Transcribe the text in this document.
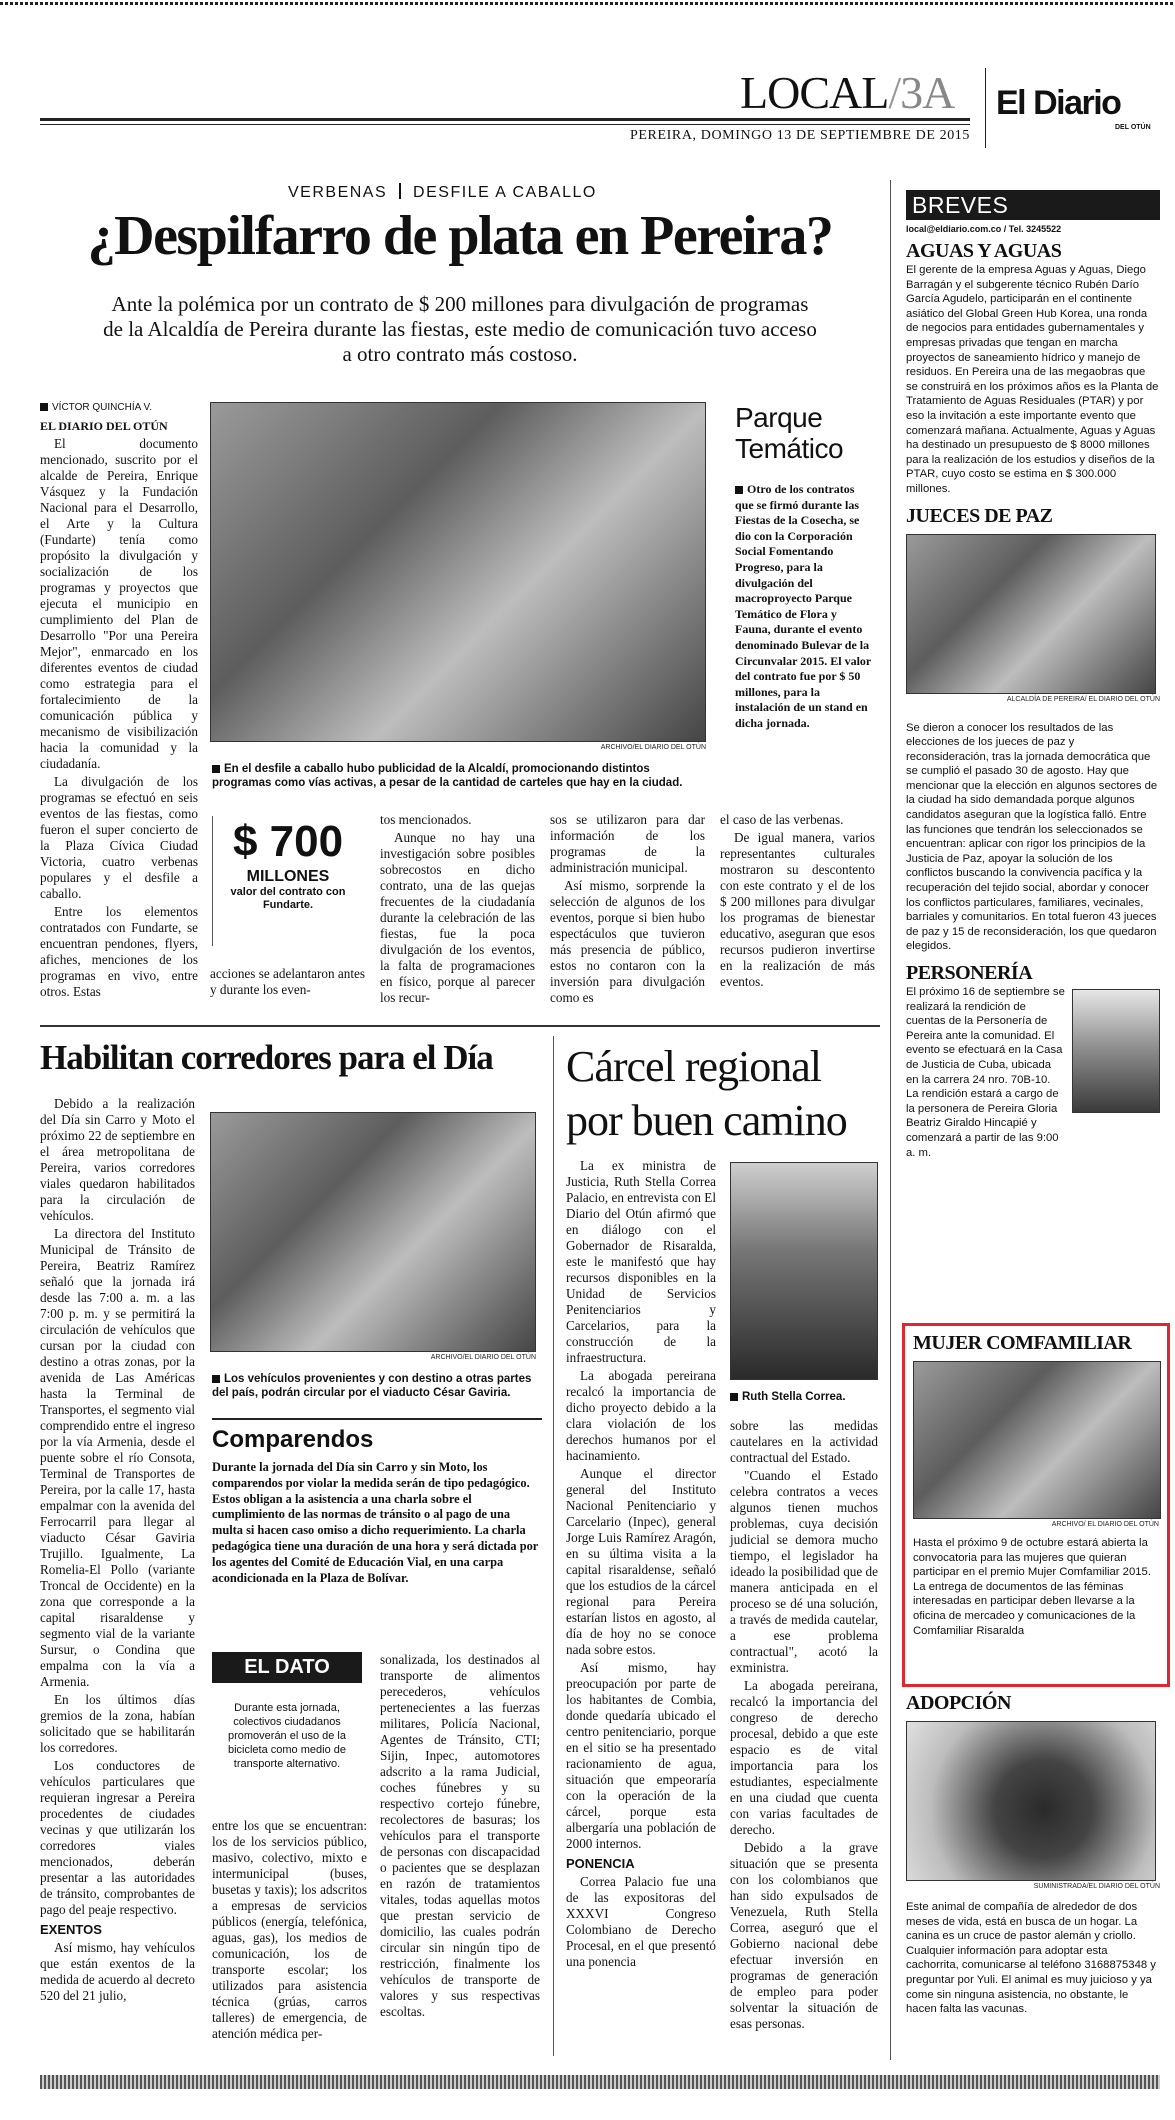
LOCAL/3A
PEREIRA, DOMINGO 13 DE SEPTIEMBRE DE 2015
El Diario
DEL OTÚN
VERBENAS DESFILE A CABALLO
¿Despilfarro de plata en Pereira?
Ante la polémica por un contrato de $ 200 millones para divulgación de programas de la Alcaldía de Pereira durante las fiestas, este medio de comunicación tuvo acceso a otro contrato más costoso.

VÍCTOR QUINCHÍA V.

EL DIARIO DEL OTÚN

El documento mencionado, suscrito por el alcalde de Pereira, Enrique Vásquez y la Fundación Nacional para el Desarrollo, el Arte y la Cultura (Fundarte) tenía como propósito la divulgación y socialización de los programas y proyectos que ejecuta el municipio en cumplimiento del Plan de Desarrollo "Por una Pereira Mejor", enmarcado en los diferentes eventos de ciudad como estrategia para el fortalecimiento de la comunicación pública y mecanismo de visibilización hacia la comunidad y la ciudadanía.

La divulgación de los programas se efectuó en seis eventos de las fiestas, como fueron el super concierto de la Plaza Cívica Ciudad Victoria, cuatro verbenas populares y el desfile a caballo.

Entre los elementos contratados con Fundarte, se encuentran pendones, flyers, afiches, menciones de los programas en vivo, entre otros. Estas

ARCHIVO/EL DIARIO DEL OTÚN
En el desfile a caballo hubo publicidad de la Alcaldí, promocionando distintos programas como vías activas, a pesar de la cantidad de carteles que hay en la ciudad.
Parque Temático
Otro de los contratos que se firmó durante las Fiestas de la Cosecha, se dio con la Corporación Social Fomentando Progreso, para la divulgación del macroproyecto Parque Temático de Flora y Fauna, durante el evento denominado Bulevar de la Circunvalar 2015. El valor del contrato fue por $ 50 millones, para la instalación de un stand en dicha jornada.
$ 700
MILLONES
valor del contrato con Fundarte.

acciones se adelantaron antes y durante los even-

tos mencionados.

Aunque no hay una investigación sobre posibles sobrecostos en dicho contrato, una de las quejas frecuentes de la ciudadanía durante la celebración de las fiestas, fue la poca divulgación de los eventos, la falta de programaciones en físico, porque al parecer los recur-

sos se utilizaron para dar información de los programas de la administración municipal.

Así mismo, sorprende la selección de algunos de los eventos, porque si bien hubo espectáculos que tuvieron más presencia de público, estos no contaron con la inversión para divulgación como es

el caso de las verbenas.

De igual manera, varios representantes culturales mostraron su descontento con este contrato y el de los $ 200 millones para divulgar los programas de bienestar educativo, aseguran que esos recursos pudieron invertirse en la realización de más eventos.

Habilitan corredores para el Día

Debido a la realización del Día sin Carro y Moto el próximo 22 de septiembre en el área metropolitana de Pereira, varios corredores viales quedaron habilitados para la circulación de vehículos.

La directora del Instituto Municipal de Tránsito de Pereira, Beatriz Ramírez señaló que la jornada irá desde las 7:00 a. m. a las 7:00 p. m. y se permitirá la circulación de vehículos que cursan por la ciudad con destino a otras zonas, por la avenida de Las Américas hasta la Terminal de Transportes, el segmento vial comprendido entre el ingreso por la vía Armenia, desde el puente sobre el río Consota, Terminal de Transportes de Pereira, por la calle 17, hasta empalmar con la avenida del Ferrocarril para llegar al viaducto César Gaviria Trujillo. Igualmente, La Romelia-El Pollo (variante Troncal de Occidente) en la zona que corresponde a la capital risaraldense y segmento vial de la variante Sursur, o Condina que empalma con la vía a Armenia.

En los últimos días gremios de la zona, habían solicitado que se habilitarán los corredores.

Los conductores de vehículos particulares que requieran ingresar a Pereira procedentes de ciudades vecinas y que utilizarán los corredores viales mencionados, deberán presentar a las autoridades de tránsito, comprobantes de pago del peaje respectivo.

EXENTOS

Así mismo, hay vehículos que están exentos de la medida de acuerdo al decreto 520 del 21 julio,

ARCHIVO/EL DIARIO DEL OTÚN
Los vehículos provenientes y con destino a otras partes del país, podrán circular por el viaducto César Gaviria.
Comparendos
Durante la jornada del Día sin Carro y sin Moto, los comparendos por violar la medida serán de tipo pedagógico. Estos obligan a la asistencia a una charla sobre el cumplimiento de las normas de tránsito o al pago de una multa si hacen caso omiso a dicho requerimiento. La charla pedagógica tiene una duración de una hora y será dictada por los agentes del Comité de Educación Vial, en una carpa acondicionada en la Plaza de Bolívar.
EL DATO
Durante esta jornada, colectivos ciudadanos promoverán el uso de la bicicleta como medio de transporte alternativo.

entre los que se encuentran: los de los servicios público, masivo, colectivo, mixto e intermunicipal (buses, busetas y taxis); los adscritos a empresas de servicios públicos (energía, telefónica, aguas, gas), los medios de comunicación, los de transporte escolar; los utilizados para asistencia técnica (grúas, carros talleres) de emergencia, de atención médica per-

sonalizada, los destinados al transporte de alimentos perecederos, vehículos pertenecientes a las fuerzas militares, Policía Nacional, Agentes de Tránsito, CTI; Sijin, Inpec, automotores adscrito a la rama Judicial, coches fúnebres y su respectivo cortejo fúnebre, recolectores de basuras; los vehículos para el transporte de personas con discapacidad o pacientes que se desplazan en razón de tratamientos vitales, todas aquellas motos que prestan servicio de domicilio, las cuales podrán circular sin ningún tipo de restricción, finalmente los vehículos de transporte de valores y sus respectivas escoltas.

Cárcel regional por buen camino

La ex ministra de Justicia, Ruth Stella Correa Palacio, en entrevista con El Diario del Otún afirmó que en diálogo con el Gobernador de Risaralda, este le manifestó que hay recursos disponibles en la Unidad de Servicios Penitenciarios y Carcelarios, para la construcción de la infraestructura.

La abogada pereirana recalcó la importancia de dicho proyecto debido a la clara violación de los derechos humanos por el hacinamiento.

Aunque el director general del Instituto Nacional Penitenciario y Carcelario (Inpec), general Jorge Luis Ramírez Aragón, en su última visita a la capital risaraldense, señaló que los estudios de la cárcel regional para Pereira estarían listos en agosto, al día de hoy no se conoce nada sobre estos.

Así mismo, hay preocupación por parte de los habitantes de Combia, donde quedaría ubicado el centro penitenciario, porque en el sitio se ha presentado racionamiento de agua, situación que empeoraría con la operación de la cárcel, porque esta albergaría una población de 2000 internos.

PONENCIA

Correa Palacio fue una de las expositoras del XXXVI Congreso Colombiano de Derecho Procesal, en el que presentó una ponencia

Ruth Stella Correa.

sobre las medidas cautelares en la actividad contractual del Estado.

"Cuando el Estado celebra contratos a veces algunos tienen muchos problemas, cuya decisión judicial se demora mucho tiempo, el legislador ha ideado la posibilidad que de manera anticipada en el proceso se dé una solución, a través de medida cautelar, a ese problema contractual", acotó la exministra.

La abogada pereirana, recalcó la importancia del congreso de derecho procesal, debido a que este espacio es de vital importancia para los estudiantes, especialmente en una ciudad que cuenta con varias facultades de derecho.

Debido a la grave situación que se presenta con los colombianos que han sido expulsados de Venezuela, Ruth Stella Correa, aseguró que el Gobierno nacional debe efectuar inversión en programas de generación de empleo para poder solventar la situación de esas personas.

BREVES
local@eldiario.com.co / Tel. 3245522
AGUAS Y AGUAS

El gerente de la empresa Aguas y Aguas, Diego Barragán y el subgerente técnico Rubén Darío García Agudelo, participarán en el continente asiático del Global Green Hub Korea, una ronda de negocios para entidades gubernamentales y empresas privadas que tengan en marcha proyectos de saneamiento hídrico y manejo de residuos. En Pereira una de las megaobras que se construirá en los próximos años es la Planta de Tratamiento de Aguas Residuales (PTAR) y por eso la invitación a este importante evento que comenzará mañana. Actualmente, Aguas y Aguas ha destinado un presupuesto de $ 8000 millones para la realización de los estudios y diseños de la PTAR, cuyo costo se estima en $ 300.000 millones.

JUECES DE PAZ
ALCALDÍA DE PEREIRA/ EL DIARIO DEL OTÚN

Se dieron a conocer los resultados de las elecciones de los jueces de paz y reconsideración, tras la jornada democrática que se cumplió el pasado 30 de agosto. Hay que mencionar que la elección en algunos sectores de la ciudad ha sido demandada porque algunos candidatos aseguran que la logística falló. Entre las funciones que tendrán los seleccionados se encuentran: aplicar con rigor los principios de la Justicia de Paz, apoyar la solución de los conflictos buscando la convivencia pacífica y la recuperación del tejido social, abordar y conocer los conflictos particulares, familiares, vecinales, barriales y comunitarios. En total fueron 43 jueces de paz y 15 de reconsideración, los que quedaron elegidos.

PERSONERÍA

El próximo 16 de septiembre se realizará la rendición de cuentas de la Personería de Pereira ante la comunidad. El evento se efectuará en la Casa de Justicia de Cuba, ubicada en la carrera 24 nro. 70B-10. La rendición estará a cargo de la personera de Pereira Gloria Beatriz Giraldo Hincapié y comenzará a partir de las 9:00 a. m.

MUJER COMFAMILIAR
ARCHIVO/ EL DIARIO DEL OTÚN

Hasta el próximo 9 de octubre estará abierta la convocatoria para las mujeres que quieran participar en el premio Mujer Comfamiliar 2015. La entrega de documentos de las féminas interesadas en participar deben llevarse a la oficina de mercadeo y comunicaciones de la Comfamiliar Risaralda

ADOPCIÓN
SUMINISTRADA/EL DIARIO DEL OTÚN

Este animal de compañía de alrededor de dos meses de vida, está en busca de un hogar. La canina es un cruce de pastor alemán y criollo. Cualquier información para adoptar esta cachorrita, comunicarse al teléfono 3168875348 y preguntar por Yuli. El animal es muy juicioso y ya come sin ninguna asistencia, no obstante, le hacen falta las vacunas.
